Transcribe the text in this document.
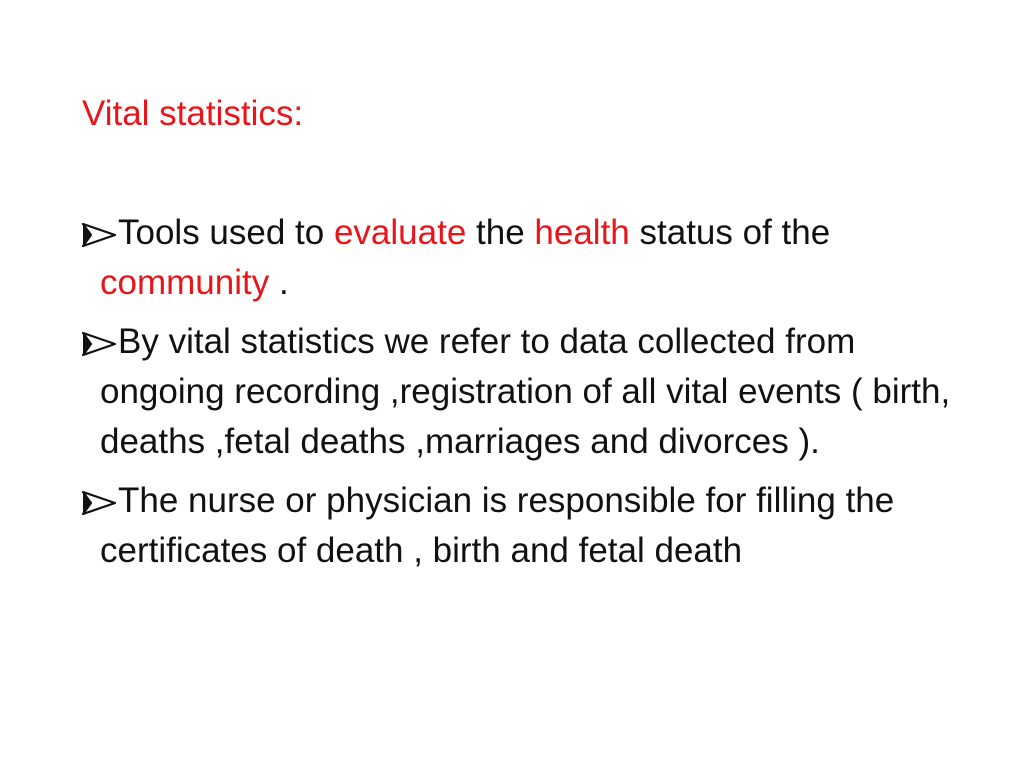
Vital statistics:
Tools used to evaluate the health status of the community .
By vital statistics we refer to data collected from ongoing recording ,registration of all vital events ( birth, deaths ,fetal deaths ,marriages and divorces ).
The nurse or physician is responsible for filling the certificates of death , birth and fetal death
